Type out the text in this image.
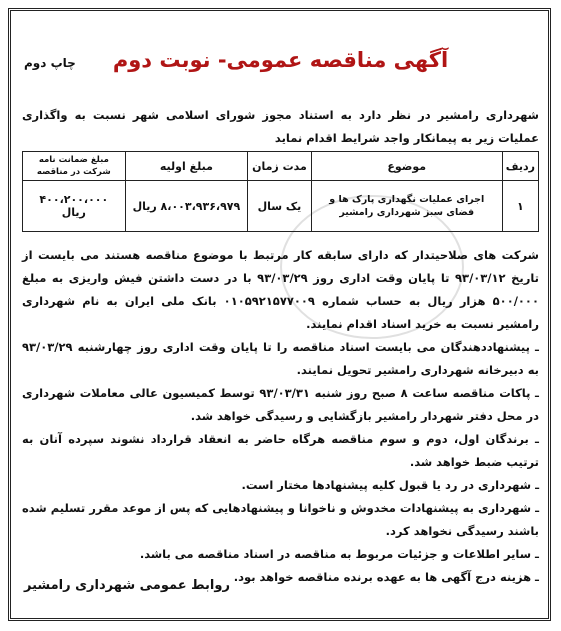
چاپ دوم	آگهی مناقصه عمومی- نوبت دوم
شهرداری رامشیر در نظر دارد به استناد مجوز شورای اسلامی شهر نسبت به واگذاری عملیات زیر به پیمانکار واجد شرایط اقدام نماید
ردیف	موضوع	مدت زمان	مبلغ اولیه	مبلغ ضمانت نامه شرکت در مناقصه
۱	اجرای عملیات نگهداری پارک ها و فضای سبز شهرداری رامشیر	یک سال	۸،۰۰۳،۹۳۶،۹۷۹ ریال	۴۰۰،۲۰۰،۰۰۰ ریال

شرکت های صلاحیتدار که دارای سابقه کار مرتبط با موضوع مناقصه هستند می بایست از تاریخ ۹۳/۰۳/۱۲ تا پایان وقت اداری روز ۹۳/۰۳/۲۹ با در دست داشتن فیش واریزی به مبلغ ۵۰۰/۰۰۰ هزار ریال به حساب شماره ۰۱۰۵۹۲۱۵۷۷۰۰۹ بانک ملی ایران به نام شهرداری رامشیر نسبت به خرید اسناد اقدام نمایند.

ـ پیشنهاددهندگان می بایست اسناد مناقصه را تا پایان وقت اداری روز چهارشنبه ۹۳/۰۳/۲۹ به دبیرخانه شهرداری رامشیر تحویل نمایند.

ـ پاکات مناقصه ساعت ۸ صبح روز شنبه ۹۳/۰۳/۳۱ توسط کمیسیون عالی معاملات شهرداری در محل دفتر شهردار رامشیر بازگشایی و رسیدگی خواهد شد.

ـ برندگان اول، دوم و سوم مناقصه هرگاه حاضر به انعقاد قرارداد نشوند سپرده آنان به ترتیب ضبط خواهد شد.

ـ شهرداری در رد یا قبول کلیه پیشنهادها مختار است.

ـ شهرداری به پیشنهادات مخدوش و ناخوانا و پیشنهادهایی که پس از موعد مقرر تسلیم شده باشند رسیدگی نخواهد کرد.

ـ سایر اطلاعات و جزئیات مربوط به مناقصه در اسناد مناقصه می باشد.

ـ هزینه درج آگهی ها به عهده برنده مناقصه خواهد بود.

روابط عمومی شهرداری رامشیر
